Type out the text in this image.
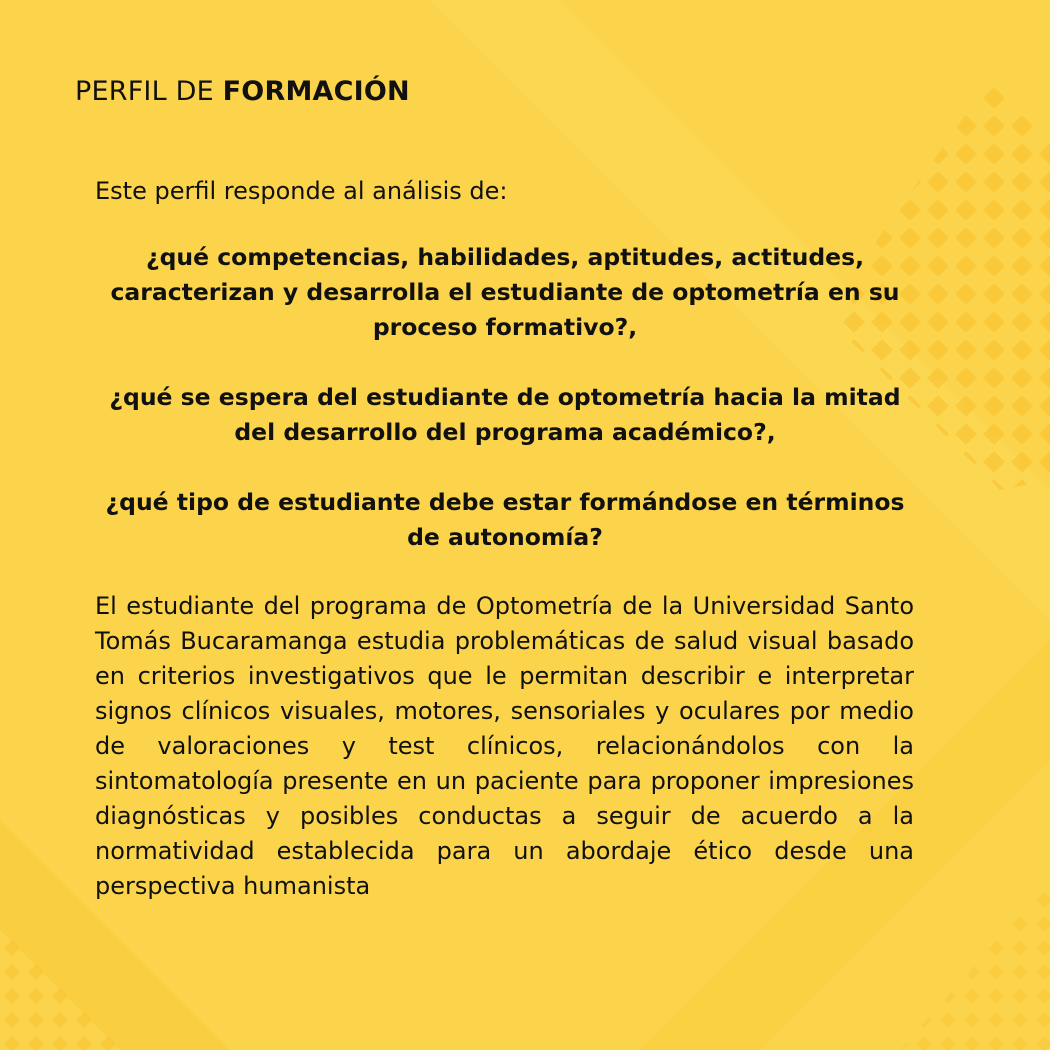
PERFIL DE FORMACIÓN

Este perfil responde al análisis de:

¿qué competencias, habilidades, aptitudes, actitudes, caracterizan y desarrolla el estudiante de optometría en su proceso formativo?,

¿qué se espera del estudiante de optometría hacia la mitad del desarrollo del programa académico?,

¿qué tipo de estudiante debe estar formándose en términos de autonomía?

El estudiante del programa de Optometría de la Universidad Santo Tomás Bucaramanga estudia problemáticas de salud visual basado en criterios investigativos que le permitan describir e interpretar signos clínicos visuales, motores, sensoriales y oculares por medio de valoraciones y test clínicos, relacionándolos con la sintomatología presente en un paciente para proponer impresiones diagnósticas y posibles conductas a seguir de acuerdo a la normatividad establecida para un abordaje ético desde una perspectiva humanista
